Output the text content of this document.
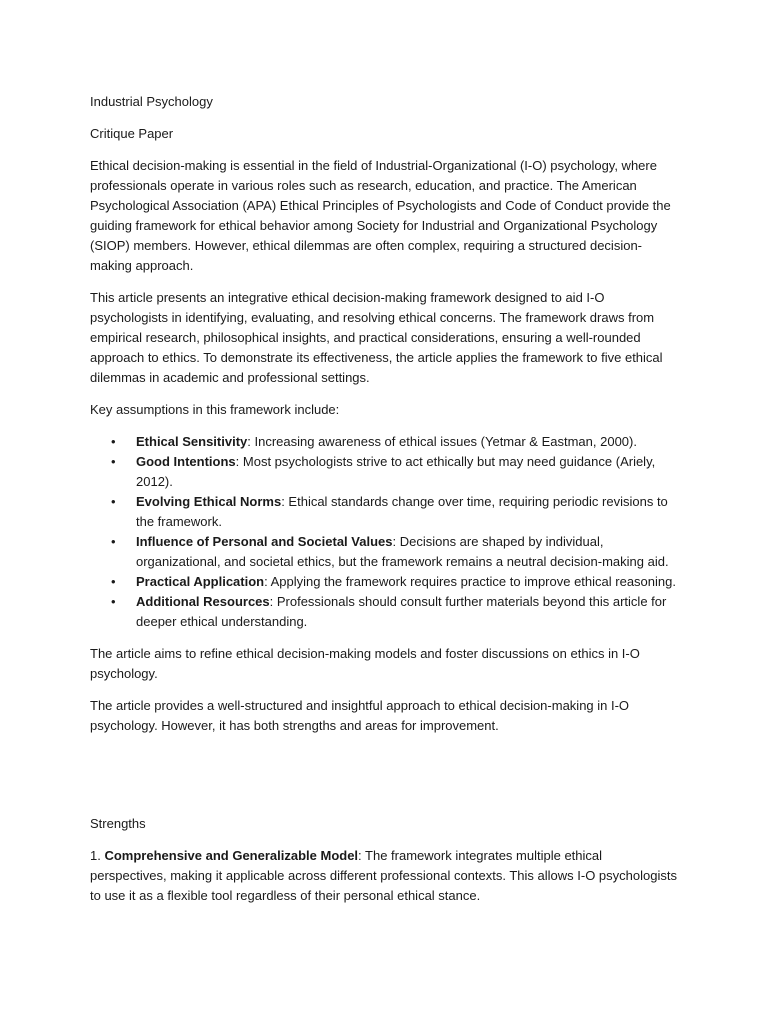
Industrial Psychology

Critique Paper

Ethical decision-making is essential in the field of Industrial-Organizational (I-O) psychology, where professionals operate in various roles such as research, education, and practice. The American Psychological Association (APA) Ethical Principles of Psychologists and Code of Conduct provide the guiding framework for ethical behavior among Society for Industrial and Organizational Psychology (SIOP) members. However, ethical dilemmas are often complex, requiring a structured decision-making approach.

This article presents an integrative ethical decision-making framework designed to aid I-O psychologists in identifying, evaluating, and resolving ethical concerns. The framework draws from empirical research, philosophical insights, and practical considerations, ensuring a well-rounded approach to ethics. To demonstrate its effectiveness, the article applies the framework to five ethical dilemmas in academic and professional settings.

Key assumptions in this framework include:

• Ethical Sensitivity: Increasing awareness of ethical issues (Yetmar & Eastman, 2000).
• Good Intentions: Most psychologists strive to act ethically but may need guidance (Ariely, 2012).
• Evolving Ethical Norms: Ethical standards change over time, requiring periodic revisions to the framework.
• Influence of Personal and Societal Values: Decisions are shaped by individual, organizational, and societal ethics, but the framework remains a neutral decision-making aid.
• Practical Application: Applying the framework requires practice to improve ethical reasoning.
• Additional Resources: Professionals should consult further materials beyond this article for deeper ethical understanding.

The article aims to refine ethical decision-making models and foster discussions on ethics in I-O psychology.

The article provides a well-structured and insightful approach to ethical decision-making in I-O psychology. However, it has both strengths and areas for improvement.

Strengths

1. Comprehensive and Generalizable Model: The framework integrates multiple ethical perspectives, making it applicable across different professional contexts. This allows I-O psychologists to use it as a flexible tool regardless of their personal ethical stance.
